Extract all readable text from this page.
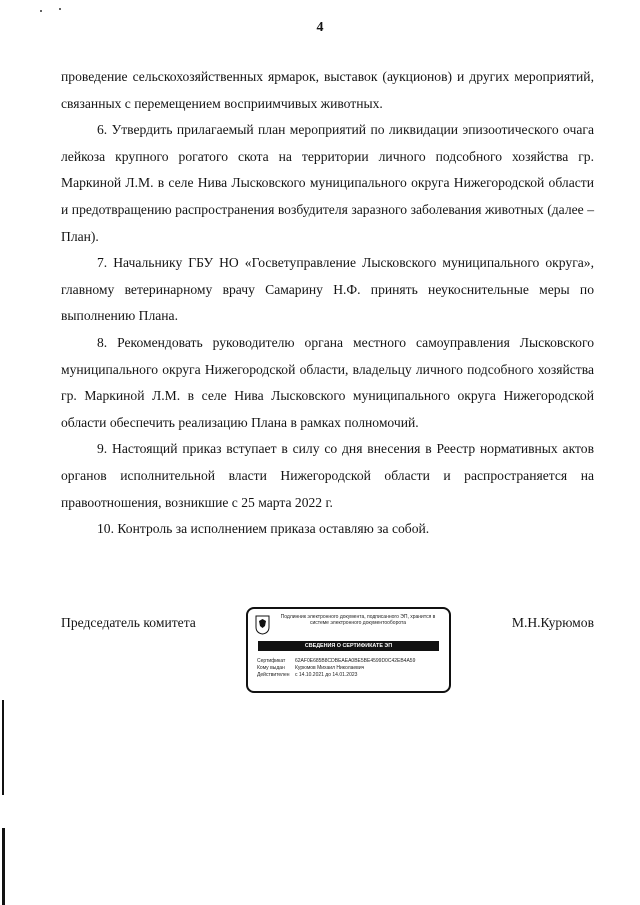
4

проведение сельскохозяйственных ярмарок, выставок (аукционов) и других мероприятий, связанных с перемещением восприимчивых животных.

6. Утвердить прилагаемый план мероприятий по ликвидации эпизоотического очага лейкоза крупного рогатого скота на территории личного подсобного хозяйства гр. Маркиной Л.М. в селе Нива Лысковского муниципального округа Нижегородской области и предотвращению распространения возбудителя заразного заболевания животных (далее – План).

7. Начальнику ГБУ НО «Госветуправление Лысковского муниципального округа», главному ветеринарному врачу Самарину Н.Ф. принять неукоснительные меры по выполнению Плана.

8. Рекомендовать руководителю органа местного самоуправления Лысковского муниципального округа Нижегородской области, владельцу личного подсобного хозяйства гр. Маркиной Л.М. в селе Нива Лысковского муниципального округа Нижегородской области обеспечить реализацию Плана в рамках полномочий.

9. Настоящий приказ вступает в силу со дня внесения в Реестр нормативных актов органов исполнительной власти Нижегородской области и распространяется на правоотношения, возникшие с 25 марта 2022 г.

10. Контроль за исполнением приказа оставляю за собой.

Председатель комитета	Подлинник электронного документа, подписанного ЭП, хранится в системе электронного документооборота
СВЕДЕНИЯ О СЕРТИФИКАТЕ ЭП
Сертификат 62AF0E685B8CDBEAEA0BE5BE4599D0C42EB4A59
Кому выдан Курюмов Михаил Николаевич
Действителен с 14.10.2021 до 14.01.2023
М.Н.Курюмов
